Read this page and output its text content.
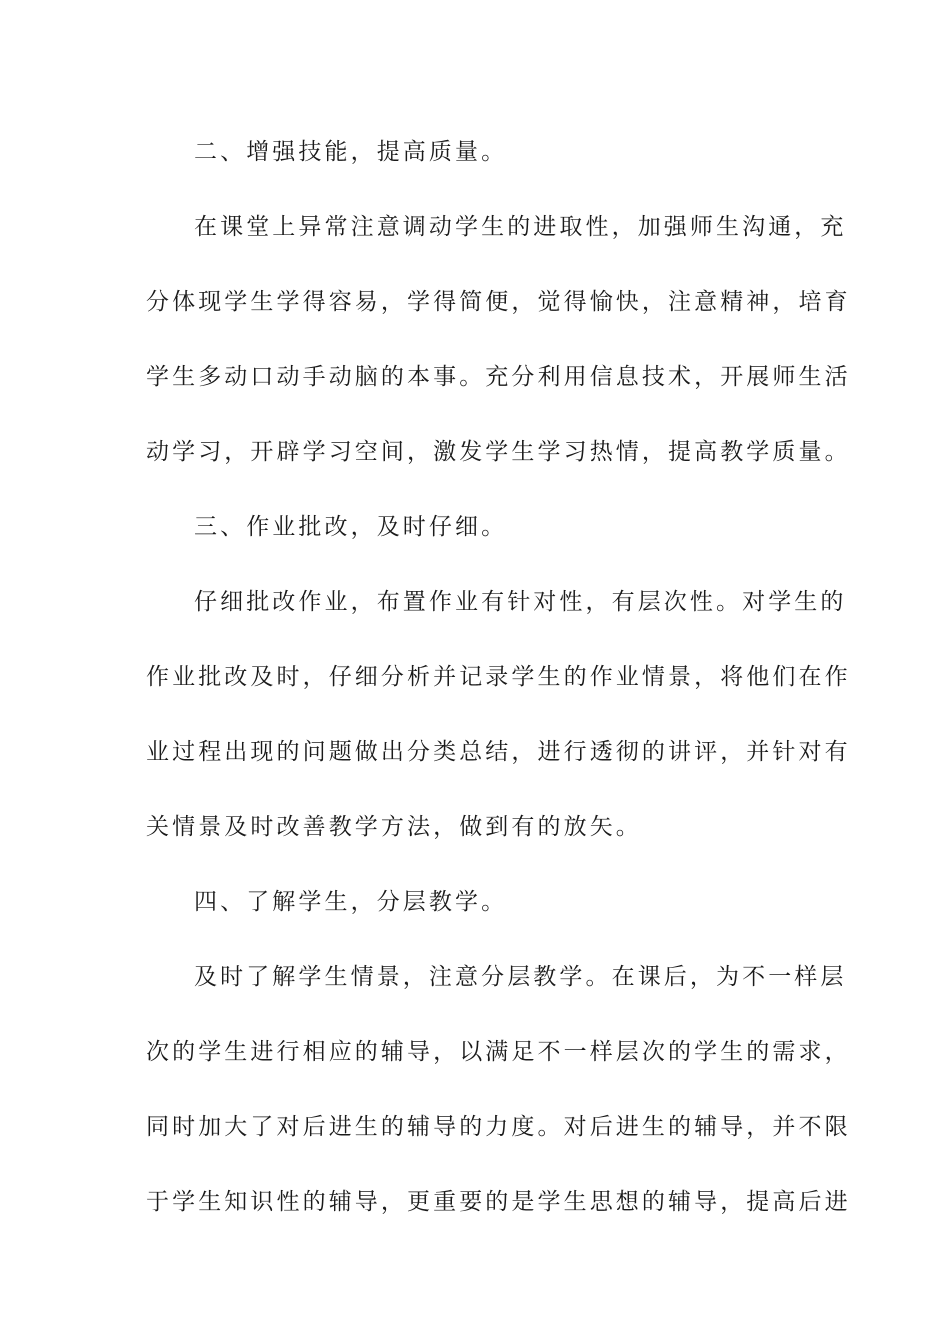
二、增强技能，提高质量。
在课堂上异常注意调动学生的进取性，加强师生沟通，充
分体现学生学得容易，学得简便，觉得愉快，注意精神，培育
学生多动口动手动脑的本事。充分利用信息技术，开展师生活
动学习，开辟学习空间，激发学生学习热情，提高教学质量。
三、作业批改，及时仔细。
仔细批改作业，布置作业有针对性，有层次性。对学生的
作业批改及时，仔细分析并记录学生的作业情景，将他们在作
业过程出现的问题做出分类总结，进行透彻的讲评，并针对有
关情景及时改善教学方法，做到有的放矢。
四、了解学生，分层教学。
及时了解学生情景，注意分层教学。在课后，为不一样层
次的学生进行相应的辅导，以满足不一样层次的学生的需求，
同时加大了对后进生的辅导的力度。对后进生的辅导，并不限
于学生知识性的辅导，更重要的是学生思想的辅导，提高后进
